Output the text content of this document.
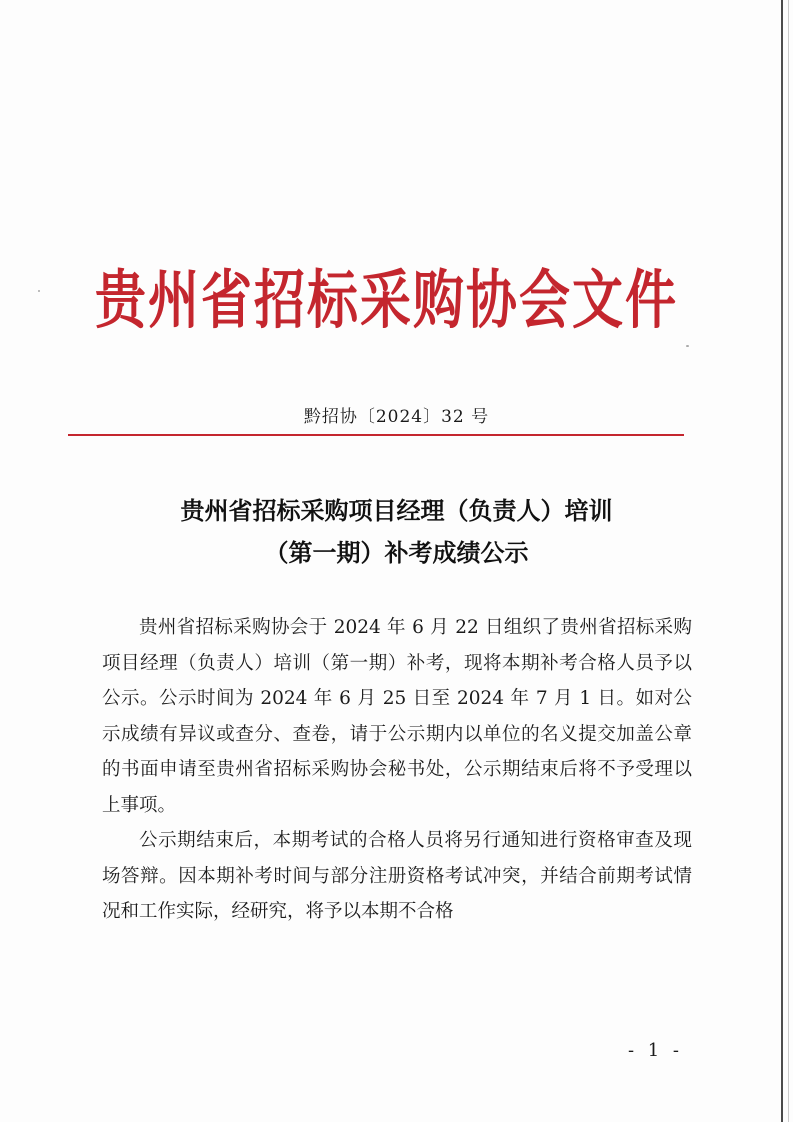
贵州省招标采购协会文件
黔招协〔2024〕32 号
贵州省招标采购项目经理（负责人）培训
（第一期）补考成绩公示

贵州省招标采购协会于 2024 年 6 月 22 日组织了贵州省招标采购项目经理（负责人）培训（第一期）补考，现将本期补考合格人员予以公示。公示时间为 2024 年 6 月 25 日至 2024 年 7 月 1 日。如对公示成绩有异议或查分、查卷，请于公示期内以单位的名义提交加盖公章的书面申请至贵州省招标采购协会秘书处，公示期结束后将不予受理以上事项。

公示期结束后，本期考试的合格人员将另行通知进行资格审查及现场答辩。因本期补考时间与部分注册资格考试冲突，并结合前期考试情况和工作实际，经研究，将予以本期不合格

- 1 -
